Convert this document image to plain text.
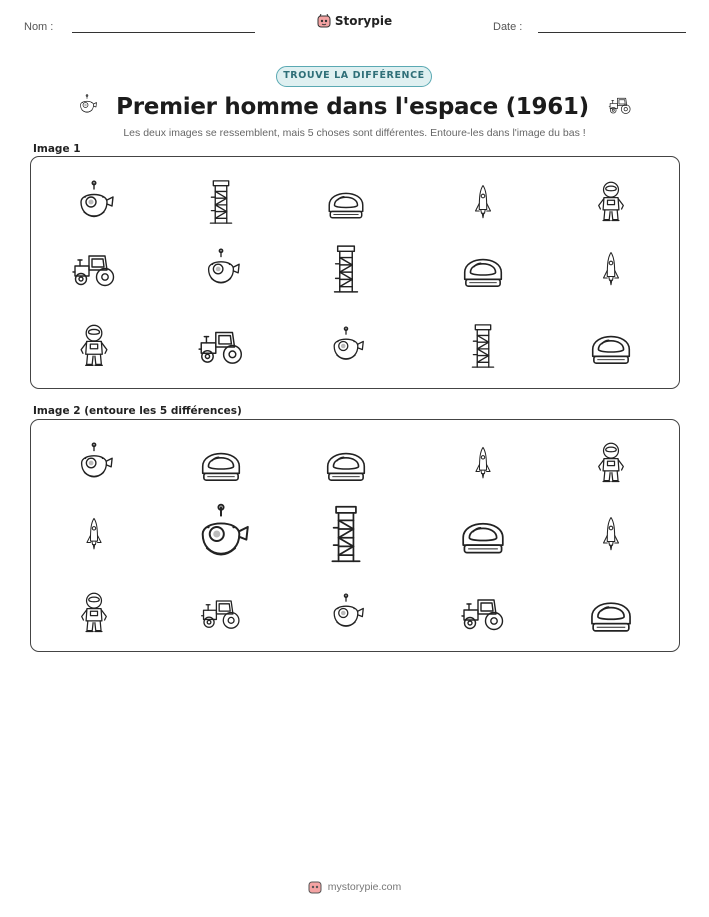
Nom :	Storypie	Date :
TROUVE LA DIFFÉRENCE
Premier homme dans l'espace (1961)
Les deux images se ressemblent, mais 5 choses sont différentes. Entoure-les dans l'image du bas !
Image 1
Image 2 (entoure les 5 différences)
mystorypie.com
